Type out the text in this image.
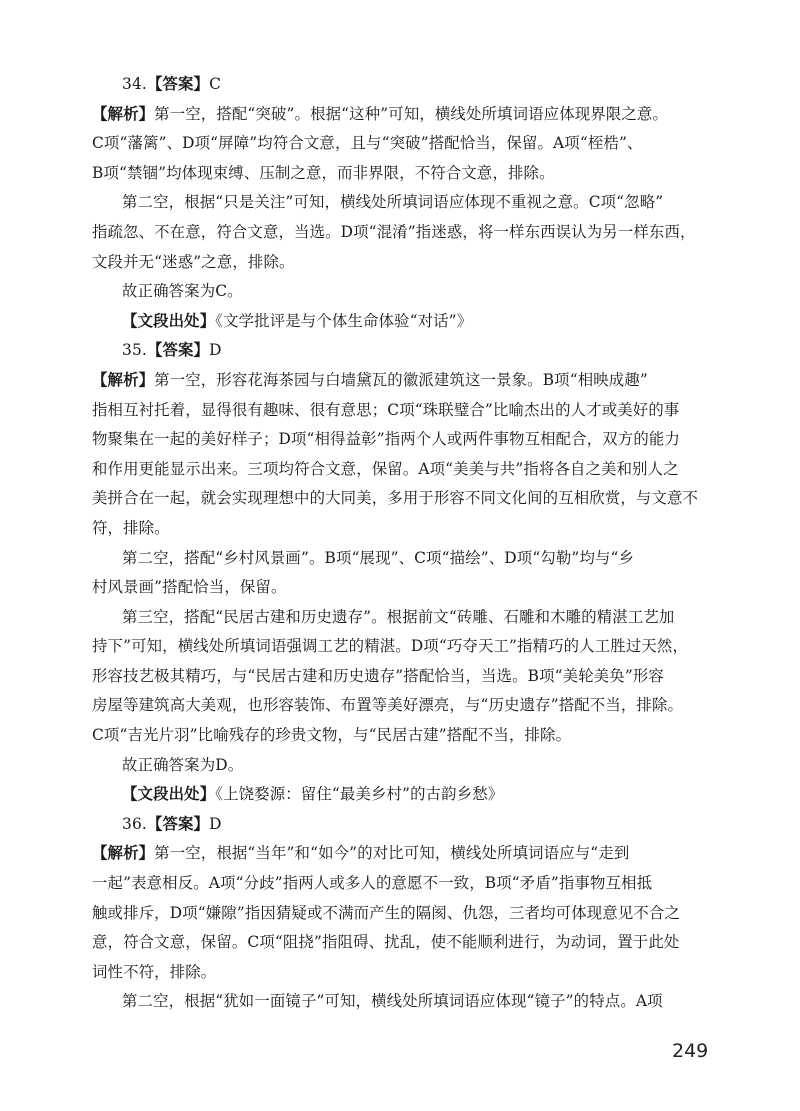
34.【答案】C
【解析】第一空，搭配“突破”。根据“这种”可知，横线处所填词语应体现界限之意。
C项“藩篱”、D项“屏障”均符合文意，且与“突破”搭配恰当，保留。A项“桎梏”、
B项“禁锢”均体现束缚、压制之意，而非界限，不符合文意，排除。
第二空，根据“只是关注”可知，横线处所填词语应体现不重视之意。C项“忽略”
指疏忽、不在意，符合文意，当选。D项“混淆”指迷惑，将一样东西误认为另一样东西，
文段并无“迷惑”之意，排除。
故正确答案为C。
【文段出处】《文学批评是与个体生命体验“对话”》
35.【答案】D
【解析】第一空，形容花海茶园与白墙黛瓦的徽派建筑这一景象。B项“相映成趣”
指相互衬托着，显得很有趣味、很有意思；C项“珠联璧合”比喻杰出的人才或美好的事
物聚集在一起的美好样子；D项“相得益彰”指两个人或两件事物互相配合，双方的能力
和作用更能显示出来。三项均符合文意，保留。A项“美美与共”指将各自之美和别人之
美拼合在一起，就会实现理想中的大同美，多用于形容不同文化间的互相欣赏，与文意不
符，排除。
第二空，搭配“乡村风景画”。B项“展现”、C项“描绘”、D项“勾勒”均与“乡
村风景画”搭配恰当，保留。
第三空，搭配“民居古建和历史遗存”。根据前文“砖雕、石雕和木雕的精湛工艺加
持下”可知，横线处所填词语强调工艺的精湛。D项“巧夺天工”指精巧的人工胜过天然，
形容技艺极其精巧，与“民居古建和历史遗存”搭配恰当，当选。B项“美轮美奂”形容
房屋等建筑高大美观，也形容装饰、布置等美好漂亮，与“历史遗存”搭配不当，排除。
C项“吉光片羽”比喻残存的珍贵文物，与“民居古建”搭配不当，排除。
故正确答案为D。
【文段出处】《上饶婺源：留住“最美乡村”的古韵乡愁》
36.【答案】D
【解析】第一空，根据“当年”和“如今”的对比可知，横线处所填词语应与“走到
一起”表意相反。A项“分歧”指两人或多人的意愿不一致，B项“矛盾”指事物互相抵
触或排斥，D项“嫌隙”指因猜疑或不满而产生的隔阂、仇怨，三者均可体现意见不合之
意，符合文意，保留。C项“阻挠”指阻碍、扰乱，使不能顺利进行，为动词，置于此处
词性不符，排除。
第二空，根据“犹如一面镜子”可知，横线处所填词语应体现“镜子”的特点。A项
249
